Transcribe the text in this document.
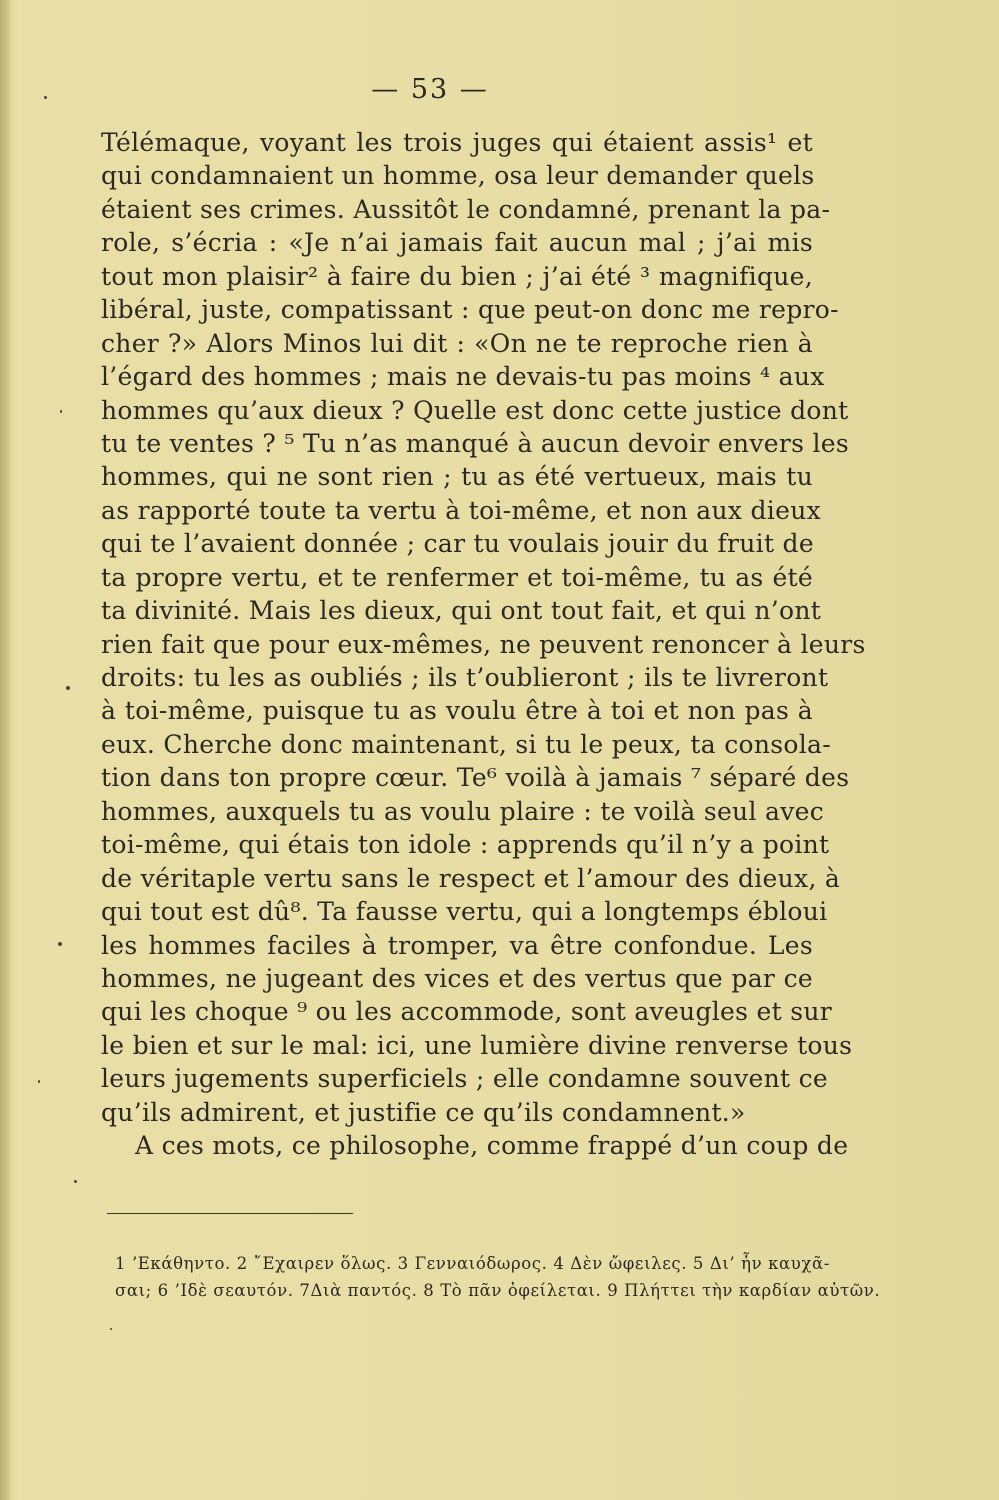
— 53 —
Télémaque, voyant les trois juges qui étaient assis¹ et
qui condamnaient un homme, osa leur demander quels
étaient ses crimes. Aussitôt le condamné, prenant la pa-
role, s’écria : «Je n’ai jamais fait aucun mal ; j’ai mis
tout mon plaisir² à faire du bien ; j’ai été ³ magnifique,
libéral, juste, compatissant : que peut-on donc me repro-
cher ?» Alors Minos lui dit : «On ne te reproche rien à
l’égard des hommes ; mais ne devais-tu pas moins ⁴ aux
hommes qu’aux dieux ? Quelle est donc cette justice dont
tu te ventes ? ⁵ Tu n’as manqué à aucun devoir envers les
hommes, qui ne sont rien ; tu as été vertueux, mais tu
as rapporté toute ta vertu à toi-même, et non aux dieux
qui te l’avaient donnée ; car tu voulais jouir du fruit de
ta propre vertu, et te renfermer et toi-même, tu as été
ta divinité. Mais les dieux, qui ont tout fait, et qui n’ont
rien fait que pour eux-mêmes, ne peuvent renoncer à leurs
droits: tu les as oubliés ; ils t’oublieront ; ils te livreront
à toi-même, puisque tu as voulu être à toi et non pas à
eux. Cherche donc maintenant, si tu le peux, ta consola-
tion dans ton propre cœur. Te⁶ voilà à jamais ⁷ séparé des
hommes, auxquels tu as voulu plaire : te voilà seul avec
toi-même, qui étais ton idole : apprends qu’il n’y a point
de véritaple vertu sans le respect et l’amour des dieux, à
qui tout est dû⁸. Ta fausse vertu, qui a longtemps ébloui
les hommes faciles à tromper, va être confondue. Les
hommes, ne jugeant des vices et des vertus que par ce
qui les choque ⁹ ou les accommode, sont aveugles et sur
le bien et sur le mal: ici, une lumière divine renverse tous
leurs jugements superficiels ; elle condamne souvent ce
qu’ils admirent, et justifie ce qu’ils condamnent.»
A ces mots, ce philosophe, comme frappé d’un coup de
1 ’Εκάθηντο. 2 ῎Εχαιρεν ὅλως. 3 Γενναιόδωρος. 4 Δὲν ὤφειλες. 5 Δι’ ἧν καυχᾶ-
σαι; 6 ’Ιδὲ σεαυτόν. 7Διὰ παντός. 8 Τὸ πᾶν ὀφείλεται. 9 Πλήττει τὴν καρδίαν αὐτῶν.
